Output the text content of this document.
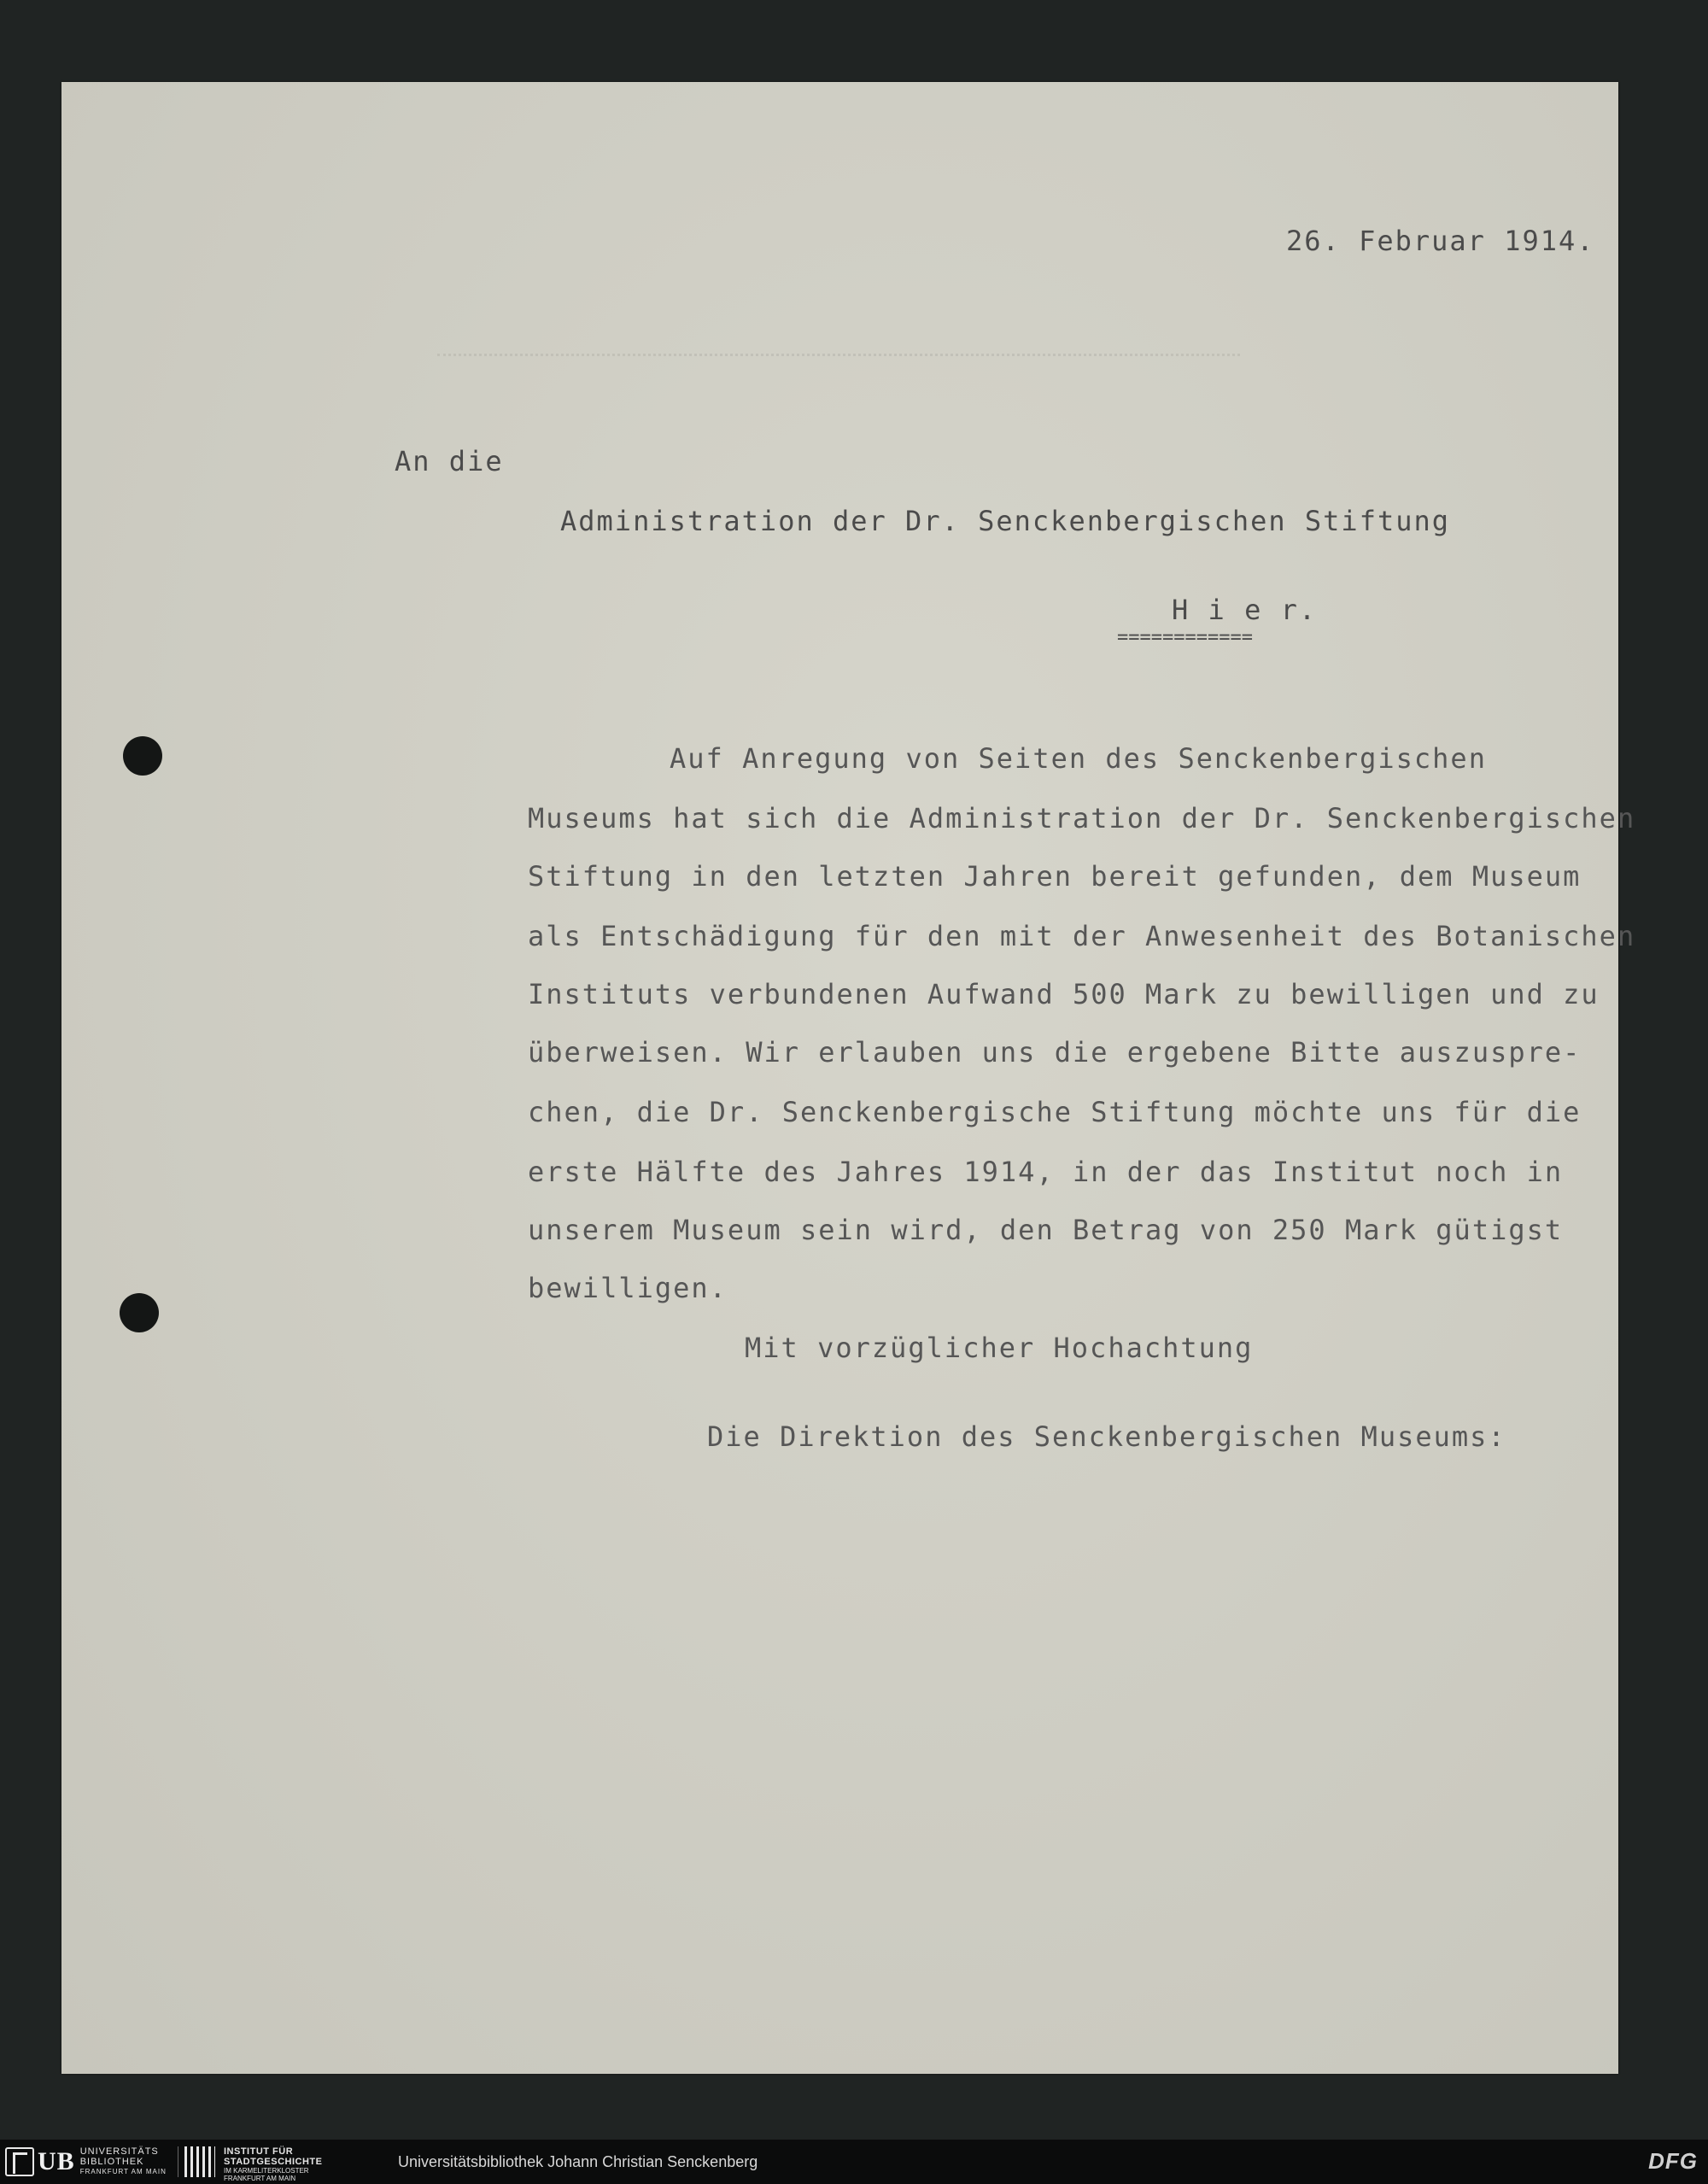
26. Februar 1914.
An die
Administration der Dr. Senckenbergischen Stiftung
H i e r.
============
Auf Anregung von Seiten des Senckenbergischen
Museums hat sich die Administration der Dr. Senckenbergischen
Stiftung in den letzten Jahren bereit gefunden, dem Museum
als Entschädigung für den mit der Anwesenheit des Botanischen
Instituts verbundenen Aufwand 500 Mark zu bewilligen und zu
überweisen. Wir erlauben uns die ergebene Bitte auszuspre-
chen, die Dr. Senckenbergische Stiftung möchte uns für die
erste Hälfte des Jahres 1914, in der das Institut noch in
unserem Museum sein wird, den Betrag von 250 Mark gütigst
bewilligen.
Mit vorzüglicher Hochachtung
Die Direktion des Senckenbergischen Museums:
UB UNIVERSITÄTS
BIBLIOTHEK
FRANKFURT AM MAIN
INSTITUT FÜR
STADTGESCHICHTE
IM KARMELITERKLOSTER
FRANKFURT AM MAIN
Universitätsbibliothek Johann Christian Senckenberg	DFG
